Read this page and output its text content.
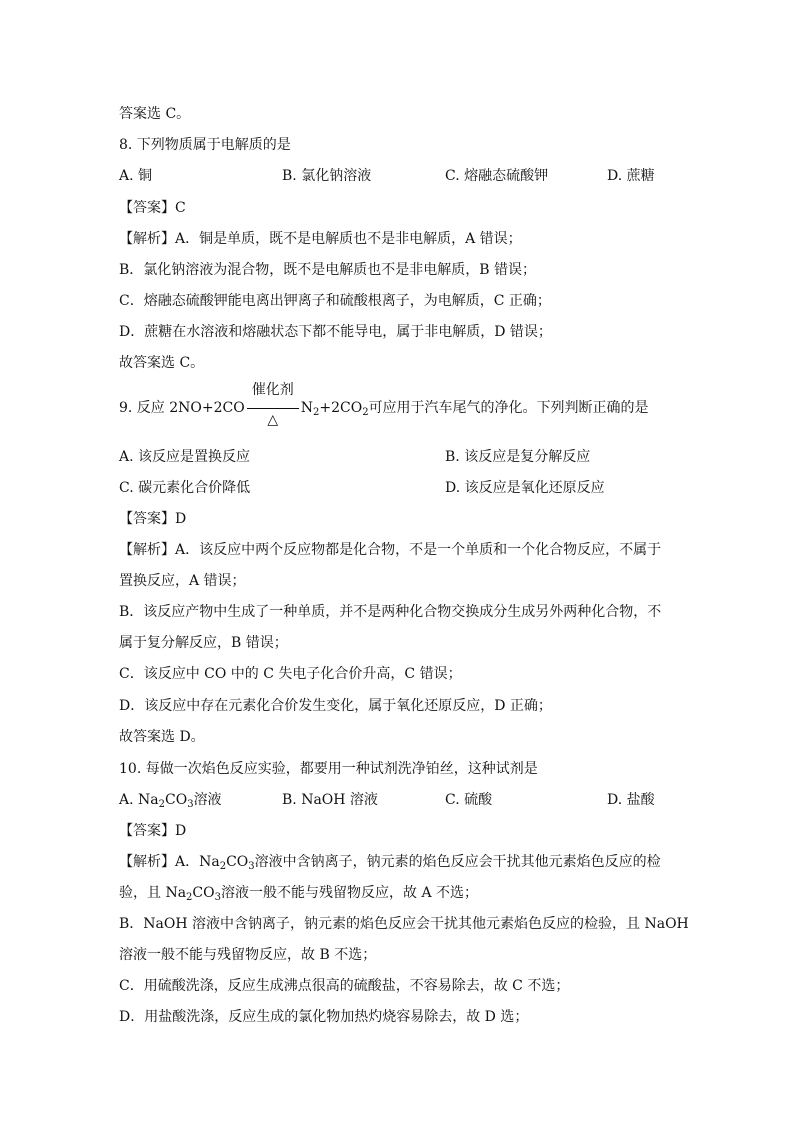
答案选 C。
8. 下列物质属于电解质的是
A. 铜	B. 氯化钠溶液	C. 熔融态硫酸钾	D. 蔗糖
【答案】C
【解析】A．铜是单质，既不是电解质也不是非电解质，A 错误；
B．氯化钠溶液为混合物，既不是电解质也不是非电解质，B 错误；
C．熔融态硫酸钾能电离出钾离子和硫酸根离子，为电解质，C 正确；
D．蔗糖在水溶液和熔融状态下都不能导电，属于非电解质，D 错误；
故答案选 C。
9. 反应 2NO+2CO
催化剂
△
$N_2+2CO_2$可应用于汽车尾气的净化。下列判断正确的是
A. 该反应是置换反应	B. 该反应是复分解反应
C. 碳元素化合价降低	D. 该反应是氧化还原反应
【答案】D
【解析】A．该反应中两个反应物都是化合物，不是一个单质和一个化合物反应，不属于
置换反应，A 错误；
B．该反应产物中生成了一种单质，并不是两种化合物交换成分生成另外两种化合物，不
属于复分解反应，B 错误；
C．该反应中 CO 中的 C 失电子化合价升高，C 错误；
D．该反应中存在元素化合价发生变化，属于氧化还原反应，D 正确；
故答案选 D。
10. 每做一次焰色反应实验，都要用一种试剂洗净铂丝，这种试剂是
A. $Na_2CO_3$溶液	B. NaOH 溶液	C. 硫酸	D. 盐酸
【答案】D
【解析】A．$Na_2CO_3$溶液中含钠离子，钠元素的焰色反应会干扰其他元素焰色反应的检
验，且 $Na_2CO_3$溶液一般不能与残留物反应，故 A 不选；
B．NaOH 溶液中含钠离子，钠元素的焰色反应会干扰其他元素焰色反应的检验，且 NaOH
溶液一般不能与残留物反应，故 B 不选；
C．用硫酸洗涤，反应生成沸点很高的硫酸盐，不容易除去，故 C 不选；
D．用盐酸洗涤，反应生成的氯化物加热灼烧容易除去，故 D 选；
